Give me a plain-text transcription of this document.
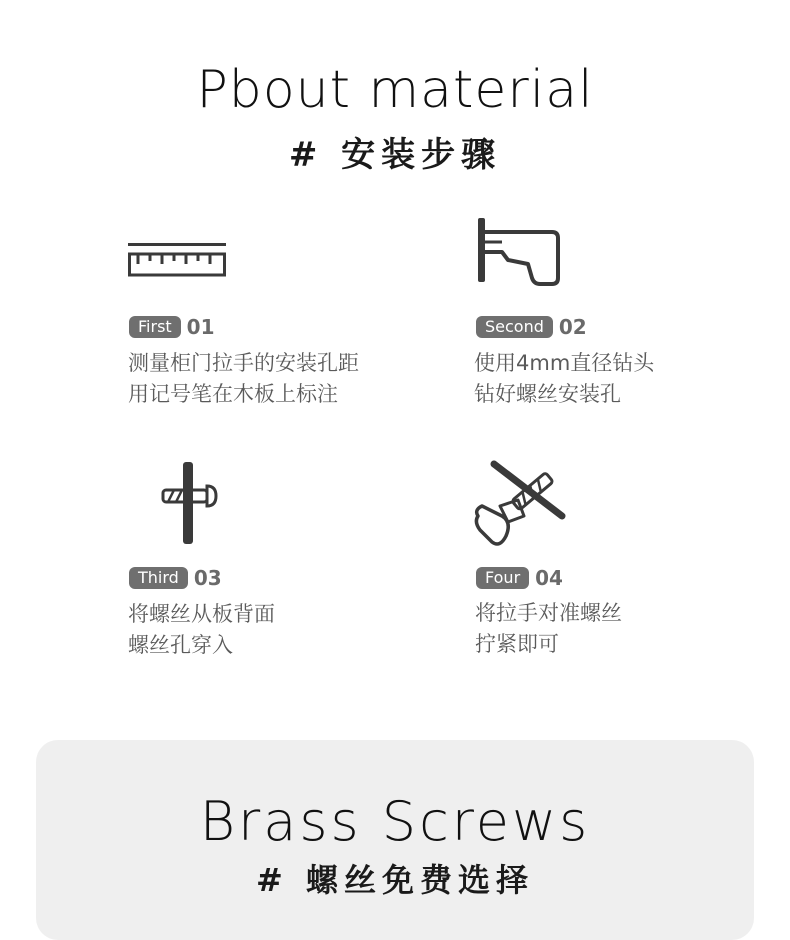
Pbout material
# 安装步骤
First 01
测量柜门拉手的安装孔距
用记号笔在木板上标注
Second 02
使用4mm直径钻头
钻好螺丝安装孔
Third 03
将螺丝从板背面
螺丝孔穿入
Four 04
将拉手对准螺丝
拧紧即可
Brass Screws
# 螺丝免费选择
